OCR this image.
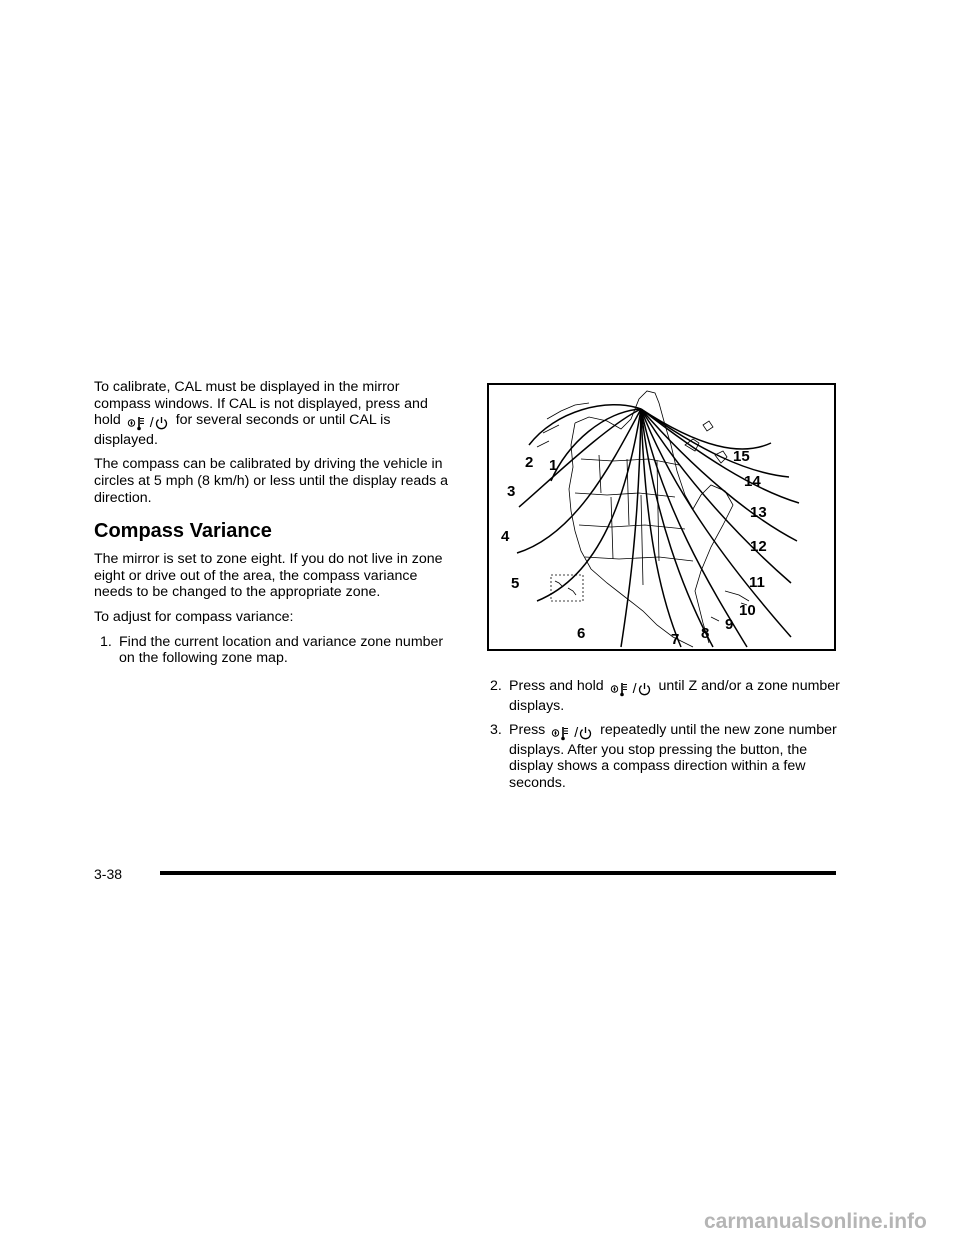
To calibrate, CAL must be displayed in the mirror compass windows. If CAL is not displayed, press and hold / for several seconds or until CAL is displayed.

The compass can be calibrated by driving the vehicle in circles at 5 mph (8 km/h) or less until the display reads a direction.

Compass Variance

The mirror is set to zone eight. If you do not live in zone eight or drive out of the area, the compass variance needs to be changed to the appropriate zone.

To adjust for compass variance:

1. Find the current location and variance zone number on the following zone map.
1
2
3
4
5
6	7 8
9
10
11
12
13
14
15
2. Press and hold / until Z and/or a zone number displays.
3. Press / repeatedly until the new zone number displays. After you stop pressing the button, the display shows a compass direction within a few seconds.
3-38
carmanualsonline.info
